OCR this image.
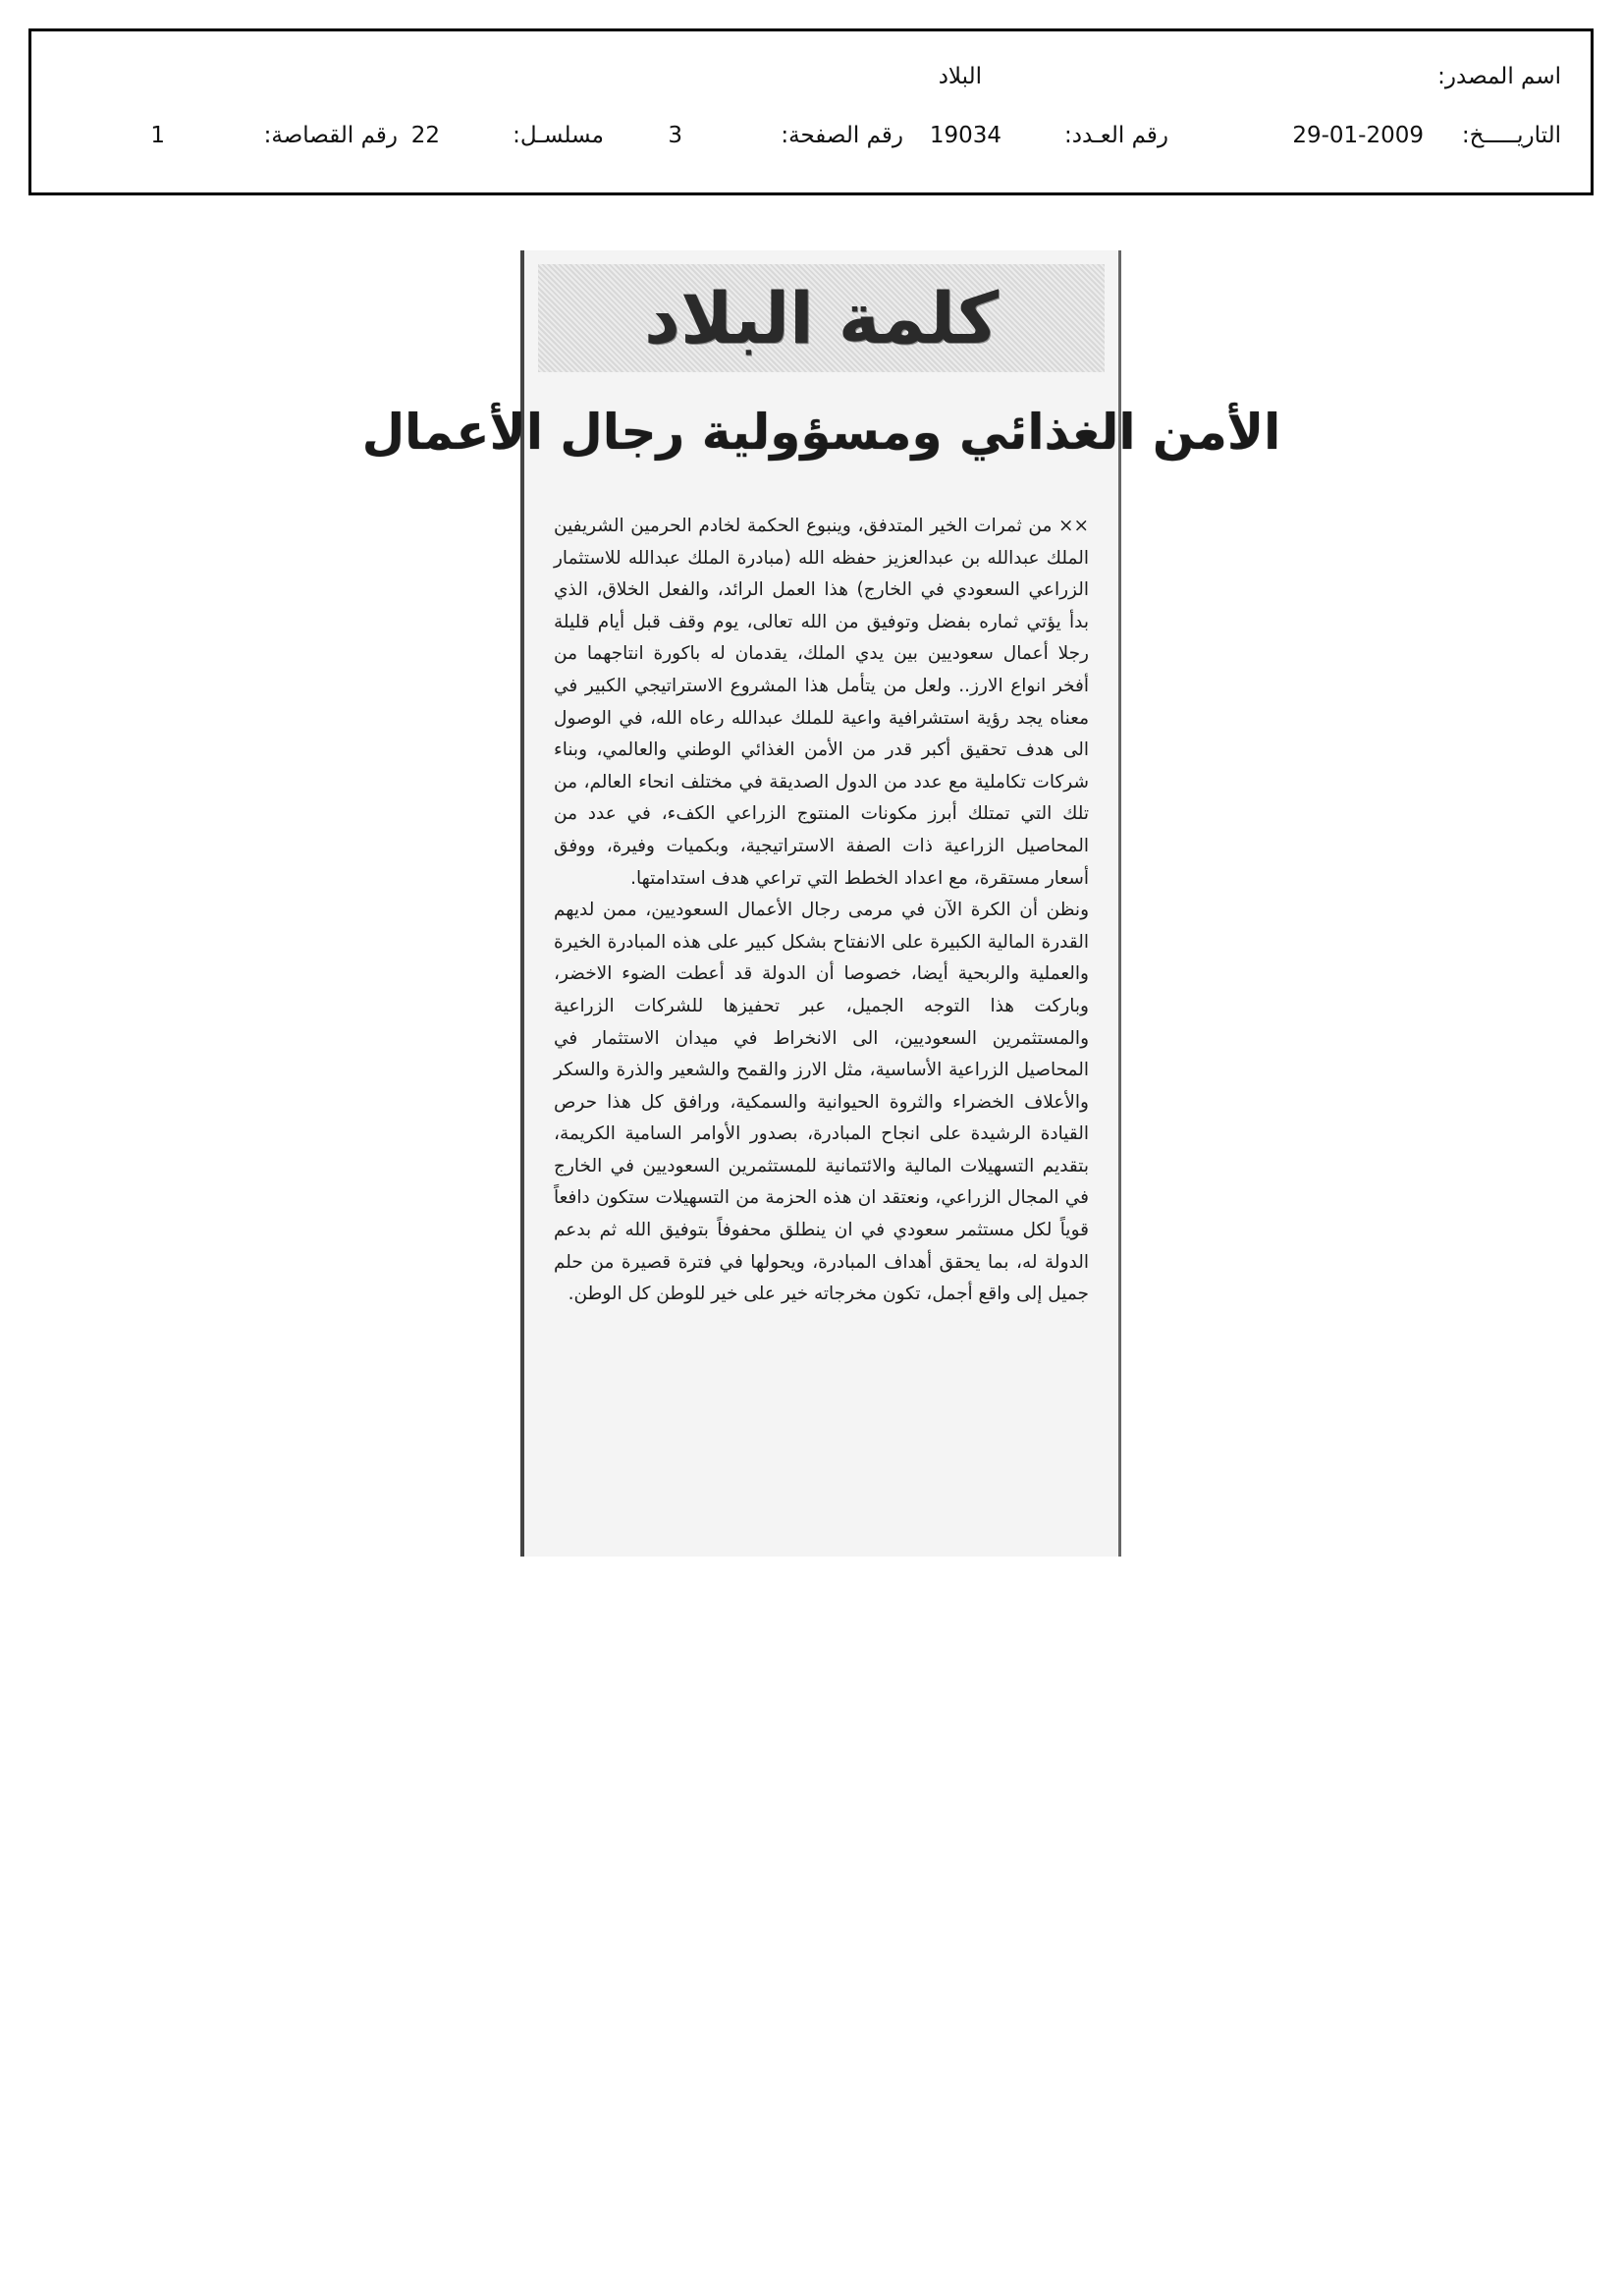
اسم المصدر:
البلاد
التاريـــــخ:
29-01-2009
رقم العـدد:
19034
رقم الصفحة:
3
مسلسـل:
22
رقم القصاصة:
1
كلمة البلاد
الأمن الغذائي ومسؤولية رجال الأعمال

×× من ثمرات الخير المتدفق، وينبوع الحكمة لخادم الحرمين الشريفين الملك عبدالله بن عبدالعزيز حفظه الله (مبادرة الملك عبدالله للاستثمار الزراعي السعودي في الخارج) هذا العمل الرائد، والفعل الخلاق، الذي بدأ يؤتي ثماره بفضل وتوفيق من الله تعالى، يوم وقف قبل أيام قليلة رجلا أعمال سعوديين بين يدي الملك، يقدمان له باكورة انتاجهما من أفخر انواع الارز.. ولعل من يتأمل هذا المشروع الاستراتيجي الكبير في معناه يجد رؤية استشرافية واعية للملك عبدالله رعاه الله، في الوصول الى هدف تحقيق أكبر قدر من الأمن الغذائي الوطني والعالمي، وبناء شركات تكاملية مع عدد من الدول الصديقة في مختلف انحاء العالم، من تلك التي تمتلك أبرز مكونات المنتوج الزراعي الكفء، في عدد من المحاصيل الزراعية ذات الصفة الاستراتيجية، وبكميات وفيرة، ووفق أسعار مستقرة، مع اعداد الخطط التي تراعي هدف استدامتها.

ونظن أن الكرة الآن في مرمى رجال الأعمال السعوديين، ممن لديهم القدرة المالية الكبيرة على الانفتاح بشكل كبير على هذه المبادرة الخيرة والعملية والربحية أيضا، خصوصا أن الدولة قد أعطت الضوء الاخضر، وباركت هذا التوجه الجميل، عبر تحفيزها للشركات الزراعية والمستثمرين السعوديين، الى الانخراط في ميدان الاستثمار في المحاصيل الزراعية الأساسية، مثل الارز والقمح والشعير والذرة والسكر والأعلاف الخضراء والثروة الحيوانية والسمكية، ورافق كل هذا حرص القيادة الرشيدة على انجاح المبادرة، بصدور الأوامر السامية الكريمة، بتقديم التسهيلات المالية والائتمانية للمستثمرين السعوديين في الخارج في المجال الزراعي، ونعتقد ان هذه الحزمة من التسهيلات ستكون دافعاً قوياً لكل مستثمر سعودي في ان ينطلق محفوفاً بتوفيق الله ثم بدعم الدولة له، بما يحقق أهداف المبادرة، ويحولها في فترة قصيرة من حلم جميل إلى واقع أجمل، تكون مخرجاته خير على خير للوطن كل الوطن.
